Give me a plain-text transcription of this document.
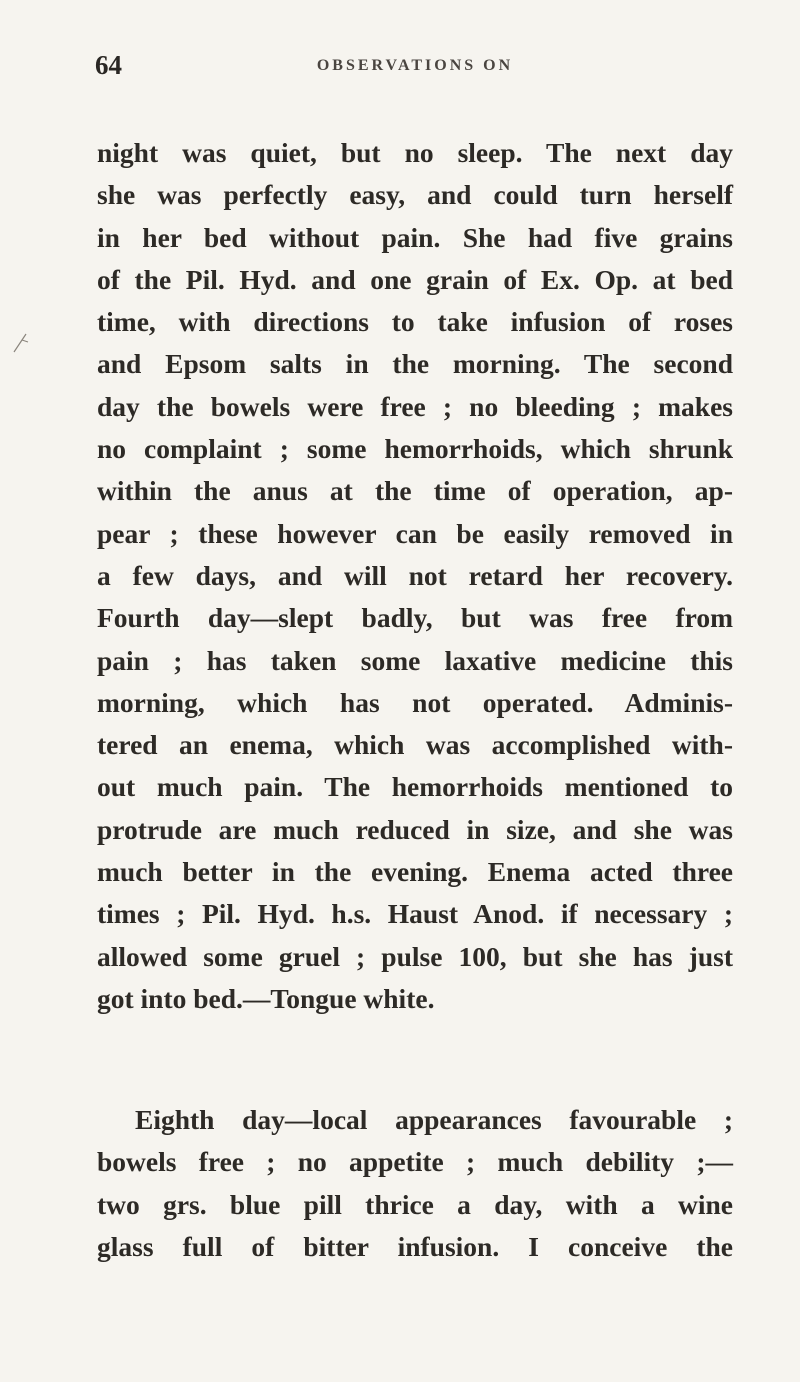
64	OBSERVATIONS ON
night was quiet, but no sleep. The next day
she was perfectly easy, and could turn herself
in her bed without pain. She had five grains
of the Pil. Hyd. and one grain of Ex. Op. at bed
time, with directions to take infusion of roses
and Epsom salts in the morning. The second
day the bowels were free ; no bleeding ; makes
no complaint ; some hemorrhoids, which shrunk
within the anus at the time of operation, ap-
pear ; these however can be easily removed in
a few days, and will not retard her recovery.
Fourth day—slept badly, but was free from
pain ; has taken some laxative medicine this
morning, which has not operated. Adminis-
tered an enema, which was accomplished with-
out much pain. The hemorrhoids mentioned to
protrude are much reduced in size, and she was
much better in the evening. Enema acted three
times ; Pil. Hyd. h.s. Haust Anod. if necessary ;
allowed some gruel ; pulse 100, but she has just
got into bed.—Tongue white.
Eighth day—local appearances favourable ;
bowels free ; no appetite ; much debility ;—
two grs. blue pill thrice a day, with a wine
glass full of bitter infusion. I conceive the
